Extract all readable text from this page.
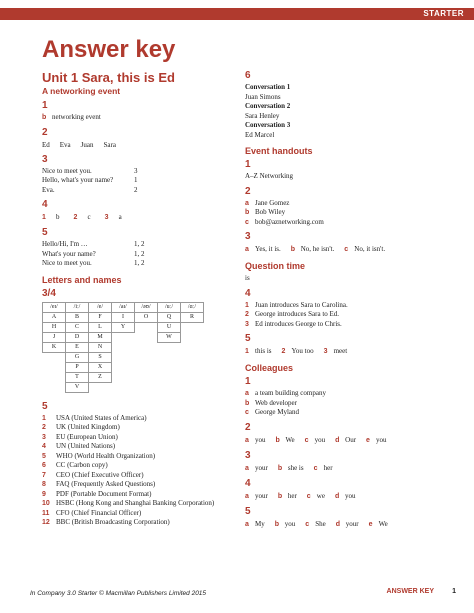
STARTER
Answer key
Unit 1 Sara, this is Ed
A networking event
1
b networking event
2
Ed Eva Juan Sara
3
Nice to meet you.	3
Hello, what's your name?	1
Eva.	2
4
1 b 2 c 3 a
5
Hello/Hi, I'm …	1, 2
What's your name?	1, 2
Nice to meet you.	1, 2
Letters and names
3/4
/eɪ/	/iː/	/e/	/aɪ/	/əʊ/	/uː/	/ɑː/
A	B	F	I	O	Q	R
H	C	L	Y		U	
J	D	M			W	
K	E	N				
	G	S				
	P	X				
	T	Z				
	V					
5
1 USA (United States of America)
2 UK (United Kingdom)
3 EU (European Union)
4 UN (United Nations)
5 WHO (World Health Organization)
6 CC (Carbon copy)
7 CEO (Chief Executive Officer)
8 FAQ (Frequently Asked Questions)
9 PDF (Portable Document Format)
10 HSBC (Hong Kong and Shanghai Banking Corporation)
11 CFO (Chief Financial Officer)
12 BBC (British Broadcasting Corporation)
6
Conversation 1
Juan Simons
Conversation 2
Sara Henley
Conversation 3
Ed Marcel
Event handouts
1
A–Z Networking
2
a Jane Gomez
b Bob Wiley
c bob@aznetworking.com
3
a Yes, it is. b No, he isn't. c No, it isn't.
Question time
is
4
1 Juan introduces Sara to Carolina.
2 George introduces Sara to Ed.
3 Ed introduces George to Chris.
5
1 this is 2 You too 3 meet
Colleagues
1
a a team building company
b Web developer
c George Myland
2
a you b We c you d Our e you
3
a your b she is c her
4
a your b her c we d you
5
a My b you c She d your e We
In Company 3.0 Starter © Macmillan Publishers Limited 2015	ANSWER KEY	1
